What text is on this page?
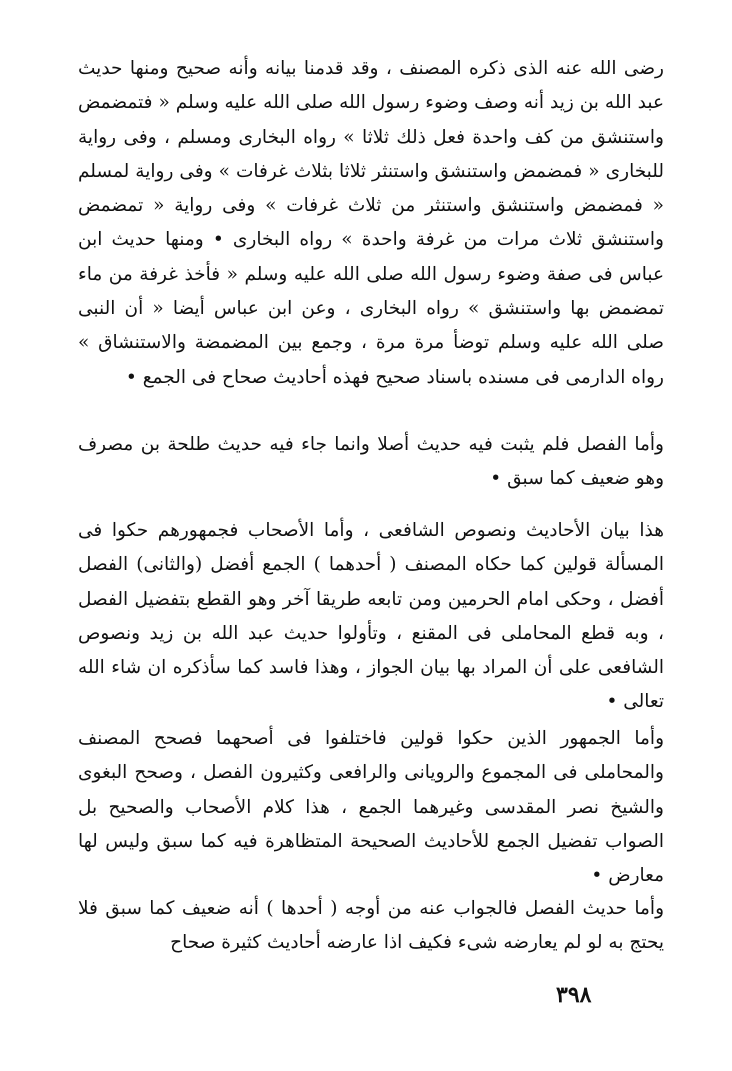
رضى الله عنه الذى ذكره المصنف ، وقد قدمنا بيانه وأنه صحيح ومنها حديث عبد الله بن زيد أنه وصف وضوء رسول الله صلى الله عليه وسلم « فتمضمض واستنشق من كف واحدة فعل ذلك ثلاثا » رواه البخارى ومسلم ، وفى رواية للبخارى « فمضمض واستنشق واستنثر ثلاثا بثلاث غرفات » وفى رواية لمسلم « فمضمض واستنشق واستنثر من ثلاث غرفات » وفى رواية « تمضمض واستنشق ثلاث مرات من غرفة واحدة » رواه البخارى • ومنها حديث ابن عباس فى صفة وضوء رسول الله صلى الله عليه وسلم « فأخذ غرفة من ماء تمضمض بها واستنشق » رواه البخارى ، وعن ابن عباس أيضا « أن النبى صلى الله عليه وسلم توضأ مرة مرة ، وجمع بين المضمضة والاستنشاق » رواه الدارمى فى مسنده باسناد صحيح فهذه أحاديث صحاح فى الجمع •

وأما الفصل فلم يثبت فيه حديث أصلا وانما جاء فيه حديث طلحة بن مصرف وهو ضعيف كما سبق •

هذا بيان الأحاديث ونصوص الشافعى ، وأما الأصحاب فجمهورهم حكوا فى المسألة قولين كما حكاه المصنف ( أحدهما ) الجمع أفضل (والثانى) الفصل أفضل ، وحكى امام الحرمين ومن تابعه طريقا آخر وهو القطع بتفضيل الفصل ، وبه قطع المحاملى فى المقنع ، وتأولوا حديث عبد الله بن زيد ونصوص الشافعى على أن المراد بها بيان الجواز ، وهذا فاسد كما سأذكره ان شاء الله تعالى •

وأما الجمهور الذين حكوا قولين فاختلفوا فى أصحهما فصحح المصنف والمحاملى فى المجموع والرويانى والرافعى وكثيرون الفصل ، وصحح البغوى والشيخ نصر المقدسى وغيرهما الجمع ، هذا كلام الأصحاب والصحيح بل الصواب تفضيل الجمع للأحاديث الصحيحة المتظاهرة فيه كما سبق وليس لها معارض •

وأما حديث الفصل فالجواب عنه من أوجه ( أحدها ) أنه ضعيف كما سبق فلا يحتج به لو لم يعارضه شىء فكيف اذا عارضه أحاديث كثيرة صحاح

٣٩٨
